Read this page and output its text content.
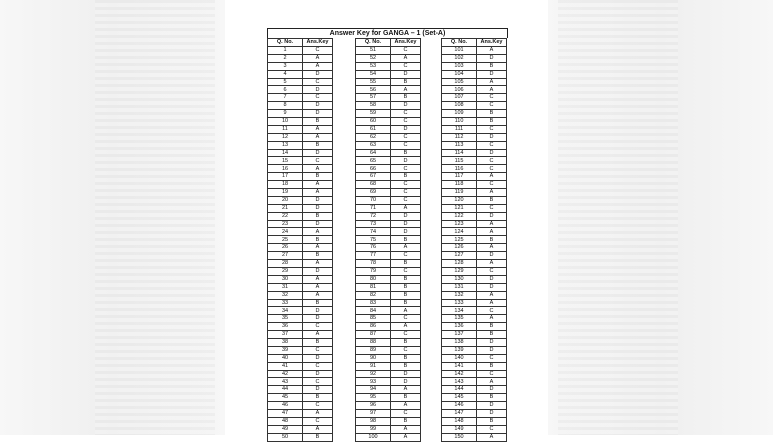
Answer Key for GANGA – 1 (Set-A)
Q. No.	Ans.Key
1	C
2	A
3	A
4	D
5	C
6	D
7	C
8	D
9	D
10	B
11	A
12	A
13	B
14	D
15	C
16	A
17	B
18	A
19	A
20	D
21	D
22	B
23	D
24	A
25	B
26	A
27	B
28	A
29	D
30	A
31	A
32	A
33	B
34	D
35	D
36	C
37	A
38	B
39	C
40	D
41	C
42	D
43	C
44	D
45	B
46	C
47	A
48	C
49	A
50	B
Q. No.	Ans.Key
51	C
52	A
53	C
54	D
55	B
56	A
57	B
58	D
59	C
60	C
61	D
62	C
63	C
64	B
65	D
66	C
67	B
68	C
69	C
70	C
71	A
72	D
73	D
74	D
75	B
76	A
77	C
78	B
79	C
80	B
81	B
82	B
83	B
84	A
85	C
86	A
87	C
88	B
89	C
90	B
91	B
92	D
93	D
94	A
95	B
96	A
97	C
98	B
99	A
100	A
Q. No.	Ans.Key
101	A
102	D
103	B
104	D
105	A
106	A
107	C
108	C
109	B
110	B
111	C
112	D
113	C
114	D
115	C
116	C
117	A
118	C
119	A
120	B
121	C
122	D
123	A
124	A
125	B
126	A
127	D
128	A
129	C
130	D
131	D
132	A
133	A
134	C
135	A
136	B
137	B
138	D
139	D
140	C
141	B
142	C
143	A
144	D
145	B
146	D
147	D
148	B
149	C
150	A
